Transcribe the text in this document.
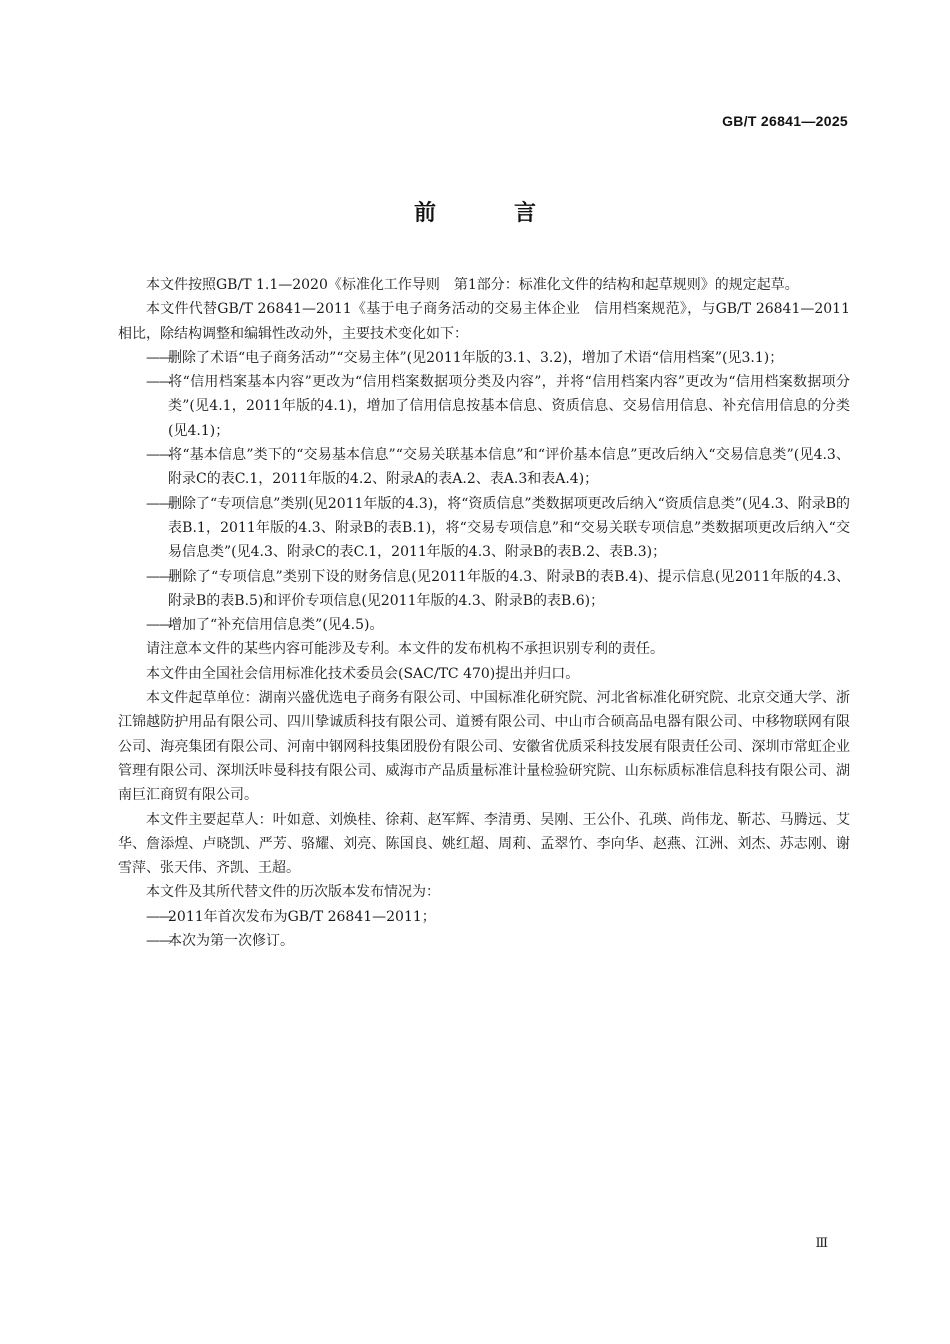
GB/T 26841—2025
前　言

本文件按照GB/T 1.1—2020《标准化工作导则　第1部分：标准化文件的结构和起草规则》的规定起草。

本文件代替GB/T 26841—2011《基于电子商务活动的交易主体企业　信用档案规范》，与GB/T 26841—2011相比，除结构调整和编辑性改动外，主要技术变化如下：

——删除了术语“电子商务活动”“交易主体”(见2011年版的3.1、3.2)，增加了术语“信用档案”(见3.1)；

——将“信用档案基本内容”更改为“信用档案数据项分类及内容”，并将“信用档案内容”更改为“信用档案数据项分类”(见4.1，2011年版的4.1)，增加了信用信息按基本信息、资质信息、交易信用信息、补充信用信息的分类(见4.1)；

——将“基本信息”类下的“交易基本信息”“交易关联基本信息”和“评价基本信息”更改后纳入“交易信息类”(见4.3、附录C的表C.1，2011年版的4.2、附录A的表A.2、表A.3和表A.4)；

——删除了“专项信息”类别(见2011年版的4.3)，将“资质信息”类数据项更改后纳入“资质信息类”(见4.3、附录B的表B.1，2011年版的4.3、附录B的表B.1)，将“交易专项信息”和“交易关联专项信息”类数据项更改后纳入“交易信息类”(见4.3、附录C的表C.1，2011年版的4.3、附录B的表B.2、表B.3)；

——删除了“专项信息”类别下设的财务信息(见2011年版的4.3、附录B的表B.4)、提示信息(见2011年版的4.3、附录B的表B.5)和评价专项信息(见2011年版的4.3、附录B的表B.6)；

——增加了“补充信用信息类”(见4.5)。

请注意本文件的某些内容可能涉及专利。本文件的发布机构不承担识别专利的责任。

本文件由全国社会信用标准化技术委员会(SAC/TC 470)提出并归口。

本文件起草单位：湖南兴盛优选电子商务有限公司、中国标准化研究院、河北省标准化研究院、北京交通大学、浙江锦越防护用品有限公司、四川挚诚质科技有限公司、道赟有限公司、中山市合硕高品电器有限公司、中移物联网有限公司、海亮集团有限公司、河南中钢网科技集团股份有限公司、安徽省优质采科技发展有限责任公司、深圳市常虹企业管理有限公司、深圳沃咔曼科技有限公司、威海市产品质量标准计量检验研究院、山东标质标准信息科技有限公司、湖南巨汇商贸有限公司。

本文件主要起草人：叶如意、刘焕桂、徐莉、赵军辉、李清勇、吴刚、王公仆、孔瑛、尚伟龙、靳芯、马腾远、艾华、詹添煌、卢晓凯、严芳、骆耀、刘亮、陈国良、姚红超、周莉、孟翠竹、李向华、赵燕、江洲、刘杰、苏志刚、谢雪萍、张天伟、齐凯、王超。

本文件及其所代替文件的历次版本发布情况为：

——2011年首次发布为GB/T 26841—2011；

——本次为第一次修订。

Ⅲ
